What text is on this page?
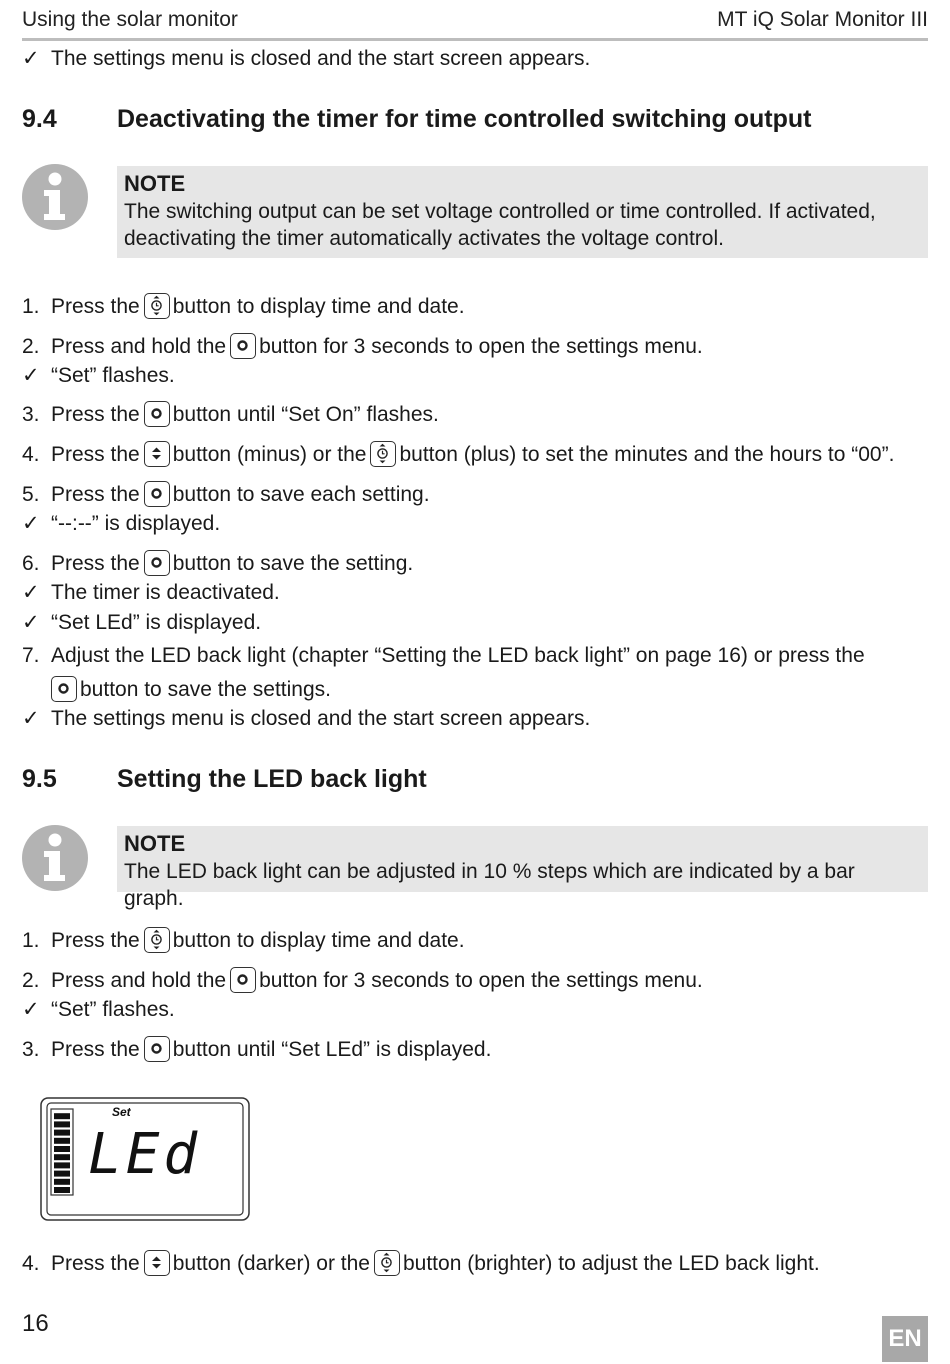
Using the solar monitor	MT iQ Solar Monitor III
✓ The settings menu is closed and the start screen appears.
9.4 Deactivating the timer for time controlled switching output
NOTE
The switching output can be set voltage controlled or time controlled. If activated,
deactivating the timer automatically activates the voltage control.
1. Press the button to display time and date.
2. Press and hold the button for 3 seconds to open the settings menu.
✓ “Set” flashes.
3. Press the button until “Set On” flashes.
4. Press the button (minus) or the button (plus) to set the minutes and the hours to “00”.
5. Press the button to save each setting.
✓ “--:--” is displayed.
6. Press the button to save the setting.
✓ The timer is deactivated.
✓ “Set LEd” is displayed.
7. Adjust the LED back light (chapter “Setting the LED back light” on page 16) or press the
button to save the settings.
✓ The settings menu is closed and the start screen appears.
9.5 Setting the LED back light
NOTE
The LED back light can be adjusted in 10 % steps which are indicated by a bar graph.
1. Press the button to display time and date.
2. Press and hold the button for 3 seconds to open the settings menu.
✓ “Set” flashes.
3. Press the button until “Set LEd” is displayed.
Set
LEd
4. Press the button (darker) or the button (brighter) to adjust the LED back light.
16
EN
